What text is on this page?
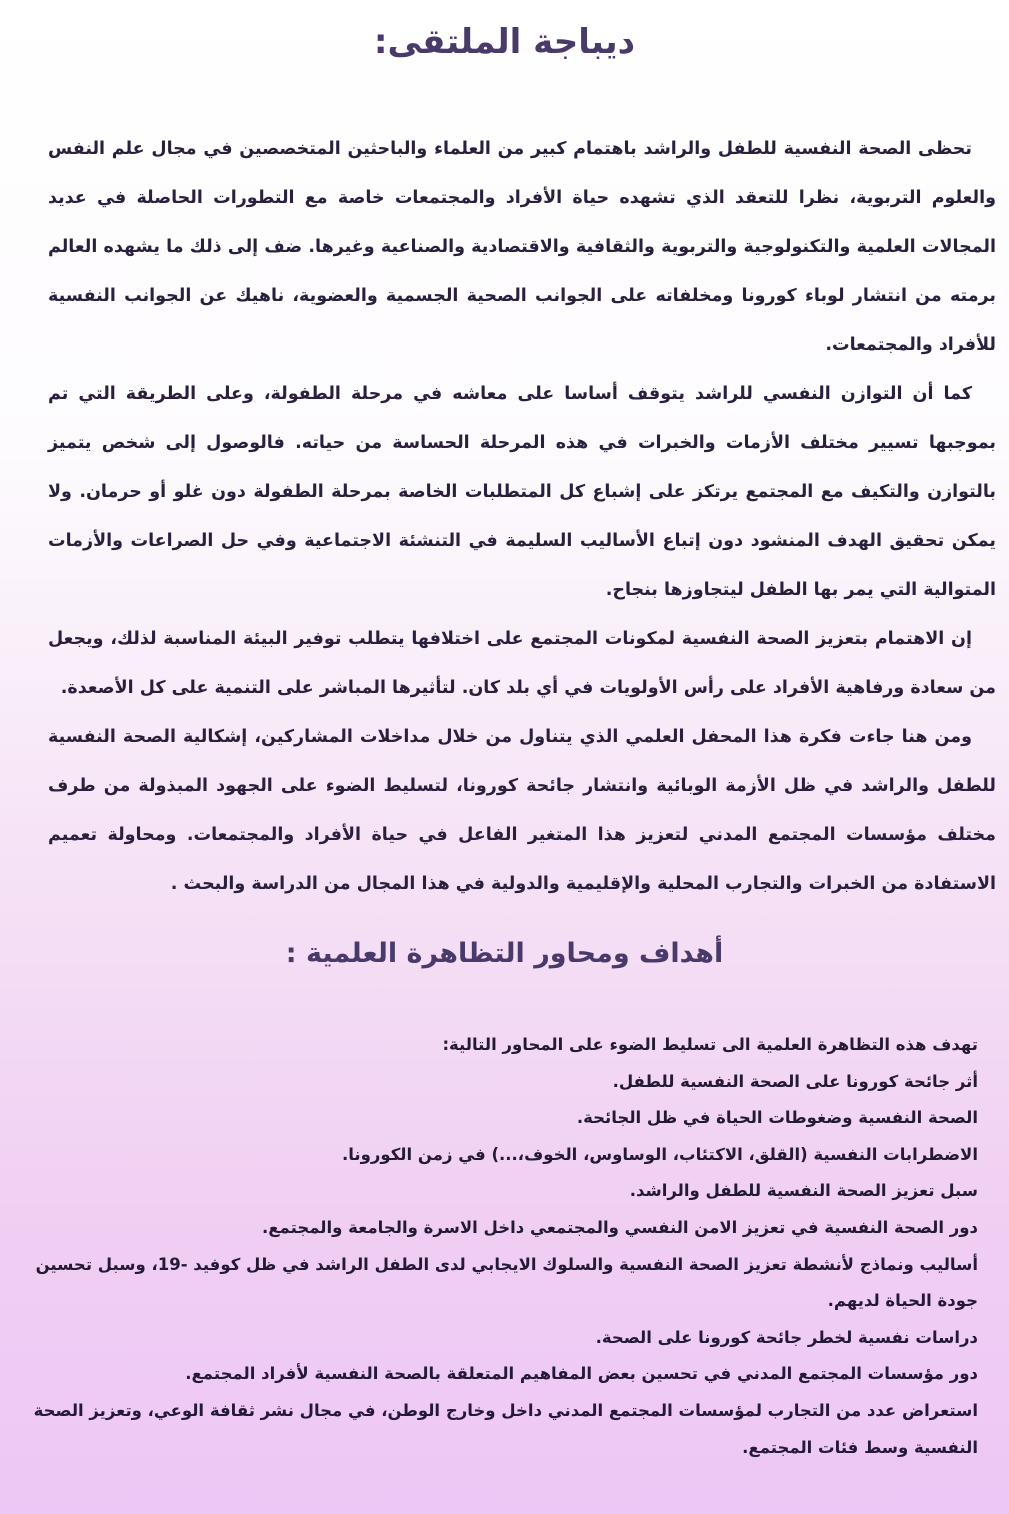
ديباجة الملتقى:

تحظى الصحة النفسية للطفل والراشد باهتمام كبير من العلماء والباحثين المتخصصين في مجال علم النفس والعلوم التربوية، نظرا للتعقد الذي تشهده حياة الأفراد والمجتمعات خاصة مع التطورات الحاصلة في عديد المجالات العلمية والتكنولوجية والتربوية والثقافية والاقتصادية والصناعية وغيرها. ضف إلى ذلك ما يشهده العالم برمته من انتشار لوباء كورونا ومخلفاته على الجوانب الصحية الجسمية والعضوية، ناهيك عن الجوانب النفسية للأفراد والمجتمعات.

كما أن التوازن النفسي للراشد يتوقف أساسا على معاشه في مرحلة الطفولة، وعلى الطريقة التي تم بموجبها تسيير مختلف الأزمات والخبرات في هذه المرحلة الحساسة من حياته. فالوصول إلى شخص يتميز بالتوازن والتكيف مع المجتمع يرتكز على إشباع كل المتطلبات الخاصة بمرحلة الطفولة دون غلو أو حرمان. ولا يمكن تحقيق الهدف المنشود دون إتباع الأساليب السليمة في التنشئة الاجتماعية وفي حل الصراعات والأزمات المتوالية التي يمر بها الطفل ليتجاوزها بنجاح.

إن الاهتمام بتعزيز الصحة النفسية لمكونات المجتمع على اختلافها يتطلب توفير البيئة المناسبة لذلك، ويجعل من سعادة ورفاهية الأفراد على رأس الأولويات في أي بلد كان. لتأثيرها المباشر على التنمية على كل الأصعدة.

ومن هنا جاءت فكرة هذا المحفل العلمي الذي يتناول من خلال مداخلات المشاركين، إشكالية الصحة النفسية للطفل والراشد في ظل الأزمة الوبائية وانتشار جائحة كورونا، لتسليط الضوء على الجهود المبذولة من طرف مختلف مؤسسات المجتمع المدني لتعزيز هذا المتغير الفاعل في حياة الأفراد والمجتمعات. ومحاولة تعميم الاستفادة من الخبرات والتجارب المحلية والإقليمية والدولية في هذا المجال من الدراسة والبحث .

أهداف ومحاور التظاهرة العلمية :

تهدف هذه التظاهرة العلمية الى تسليط الضوء على المحاور التالية:

أثر جائحة كورونا على الصحة النفسية للطفل.
الصحة النفسية وضغوطات الحياة في ظل الجائحة.
الاضطرابات النفسية (القلق، الاكتئاب، الوساوس، الخوف،...) في زمن الكورونا.
سبل تعزيز الصحة النفسية للطفل والراشد.
دور الصحة النفسية في تعزيز الامن النفسي والمجتمعي داخل الاسرة والجامعة والمجتمع.
أساليب ونماذج لأنشطة تعزيز الصحة النفسية والسلوك الايجابي لدى الطفل الراشد في ظل كوفيد -19، وسبل تحسين جودة الحياة لديهم.
دراسات نفسية لخطر جائحة كورونا على الصحة.
دور مؤسسات المجتمع المدني في تحسين بعض المفاهيم المتعلقة بالصحة النفسية لأفراد المجتمع.
استعراض عدد من التجارب لمؤسسات المجتمع المدني داخل وخارج الوطن، في مجال نشر ثقافة الوعي، وتعزيز الصحة النفسية وسط فئات المجتمع.
